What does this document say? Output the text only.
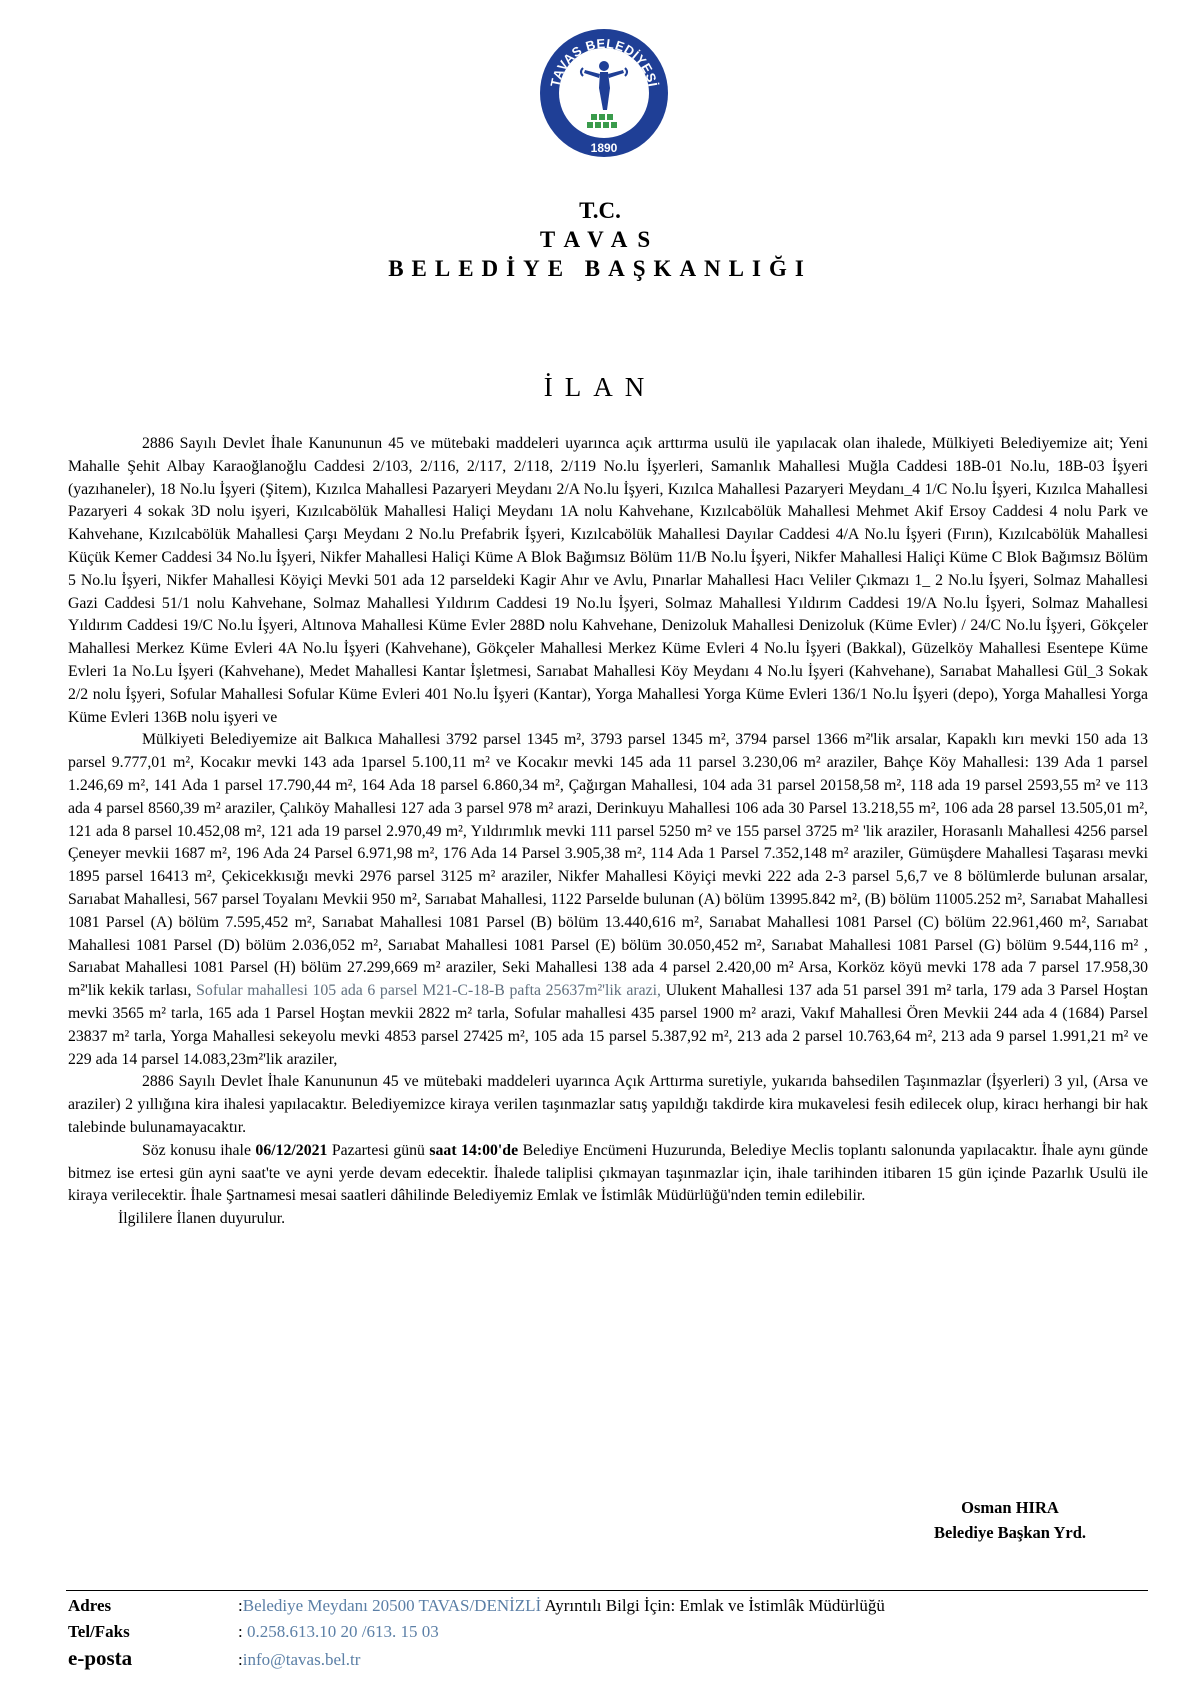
TAVAŞ BELEDİYESİ
1890
T.C.
TAVAS
BELEDİYE BAŞKANLIĞI
İLAN

2886 Sayılı Devlet İhale Kanununun 45 ve mütebaki maddeleri uyarınca açık arttırma usulü ile yapılacak olan ihalede, Mülkiyeti Belediyemize ait; Yeni Mahalle Şehit Albay Karaoğlanoğlu Caddesi 2/103, 2/116, 2/117, 2/118, 2/119 No.lu İşyerleri, Samanlık Mahallesi Muğla Caddesi 18B-01 No.lu, 18B-03 İşyeri (yazıhaneler), 18 No.lu İşyeri (Şitem), Kızılca Mahallesi Pazaryeri Meydanı 2/A No.lu İşyeri, Kızılca Mahallesi Pazaryeri Meydanı_4 1/C No.lu İşyeri, Kızılca Mahallesi Pazaryeri 4 sokak 3D nolu işyeri, Kızılcabölük Mahallesi Haliçi Meydanı 1A nolu Kahvehane, Kızılcabölük Mahallesi Mehmet Akif Ersoy Caddesi 4 nolu Park ve Kahvehane, Kızılcabölük Mahallesi Çarşı Meydanı 2 No.lu Prefabrik İşyeri, Kızılcabölük Mahallesi Dayılar Caddesi 4/A No.lu İşyeri (Fırın), Kızılcabölük Mahallesi Küçük Kemer Caddesi 34 No.lu İşyeri, Nikfer Mahallesi Haliçi Küme A Blok Bağımsız Bölüm 11/B No.lu İşyeri, Nikfer Mahallesi Haliçi Küme C Blok Bağımsız Bölüm 5 No.lu İşyeri, Nikfer Mahallesi Köyiçi Mevki 501 ada 12 parseldeki Kagir Ahır ve Avlu, Pınarlar Mahallesi Hacı Veliler Çıkmazı 1_ 2 No.lu İşyeri, Solmaz Mahallesi Gazi Caddesi 51/1 nolu Kahvehane, Solmaz Mahallesi Yıldırım Caddesi 19 No.lu İşyeri, Solmaz Mahallesi Yıldırım Caddesi 19/A No.lu İşyeri, Solmaz Mahallesi Yıldırım Caddesi 19/C No.lu İşyeri, Altınova Mahallesi Küme Evler 288D nolu Kahvehane, Denizoluk Mahallesi Denizoluk (Küme Evler) / 24/C No.lu İşyeri, Gökçeler Mahallesi Merkez Küme Evleri 4A No.lu İşyeri (Kahvehane), Gökçeler Mahallesi Merkez Küme Evleri 4 No.lu İşyeri (Bakkal), Güzelköy Mahallesi Esentepe Küme Evleri 1a No.Lu İşyeri (Kahvehane), Medet Mahallesi Kantar İşletmesi, Sarıabat Mahallesi Köy Meydanı 4 No.lu İşyeri (Kahvehane), Sarıabat Mahallesi Gül_3 Sokak 2/2 nolu İşyeri, Sofular Mahallesi Sofular Küme Evleri 401 No.lu İşyeri (Kantar), Yorga Mahallesi Yorga Küme Evleri 136/1 No.lu İşyeri (depo), Yorga Mahallesi Yorga Küme Evleri 136B nolu işyeri ve

Mülkiyeti Belediyemize ait Balkıca Mahallesi 3792 parsel 1345 m², 3793 parsel 1345 m², 3794 parsel 1366 m²'lik arsalar, Kapaklı kırı mevki 150 ada 13 parsel 9.777,01 m², Kocakır mevki 143 ada 1parsel 5.100,11 m² ve Kocakır mevki 145 ada 11 parsel 3.230,06 m² araziler, Bahçe Köy Mahallesi: 139 Ada 1 parsel 1.246,69 m², 141 Ada 1 parsel 17.790,44 m², 164 Ada 18 parsel 6.860,34 m², Çağırgan Mahallesi, 104 ada 31 parsel 20158,58 m², 118 ada 19 parsel 2593,55 m² ve 113 ada 4 parsel 8560,39 m² araziler, Çalıköy Mahallesi 127 ada 3 parsel 978 m² arazi, Derinkuyu Mahallesi 106 ada 30 Parsel 13.218,55 m², 106 ada 28 parsel 13.505,01 m², 121 ada 8 parsel 10.452,08 m², 121 ada 19 parsel 2.970,49 m², Yıldırımlık mevki 111 parsel 5250 m² ve 155 parsel 3725 m² 'lik araziler, Horasanlı Mahallesi 4256 parsel Çeneyer mevkii 1687 m², 196 Ada 24 Parsel 6.971,98 m², 176 Ada 14 Parsel 3.905,38 m², 114 Ada 1 Parsel 7.352,148 m² araziler, Gümüşdere Mahallesi Taşarası mevki 1895 parsel 16413 m², Çekicekkısığı mevki 2976 parsel 3125 m² araziler, Nikfer Mahallesi Köyiçi mevki 222 ada 2-3 parsel 5,6,7 ve 8 bölümlerde bulunan arsalar, Sarıabat Mahallesi, 567 parsel Toyalanı Mevkii 950 m², Sarıabat Mahallesi, 1122 Parselde bulunan (A) bölüm 13995.842 m², (B) bölüm 11005.252 m², Sarıabat Mahallesi 1081 Parsel (A) bölüm 7.595,452 m², Sarıabat Mahallesi 1081 Parsel (B) bölüm 13.440,616 m², Sarıabat Mahallesi 1081 Parsel (C) bölüm 22.961,460 m², Sarıabat Mahallesi 1081 Parsel (D) bölüm 2.036,052 m², Sarıabat Mahallesi 1081 Parsel (E) bölüm 30.050,452 m², Sarıabat Mahallesi 1081 Parsel (G) bölüm 9.544,116 m² , Sarıabat Mahallesi 1081 Parsel (H) bölüm 27.299,669 m² araziler, Seki Mahallesi 138 ada 4 parsel 2.420,00 m² Arsa, Korköz köyü mevki 178 ada 7 parsel 17.958,30 m²'lik kekik tarlası, Sofular mahallesi 105 ada 6 parsel M21-C-18-B pafta 25637m²'lik arazi, Ulukent Mahallesi 137 ada 51 parsel 391 m² tarla, 179 ada 3 Parsel Hoştan mevki 3565 m² tarla, 165 ada 1 Parsel Hoştan mevkii 2822 m² tarla, Sofular mahallesi 435 parsel 1900 m² arazi, Vakıf Mahallesi Ören Mevkii 244 ada 4 (1684) Parsel 23837 m² tarla, Yorga Mahallesi sekeyolu mevki 4853 parsel 27425 m², 105 ada 15 parsel 5.387,92 m², 213 ada 2 parsel 10.763,64 m², 213 ada 9 parsel 1.991,21 m² ve 229 ada 14 parsel 14.083,23m²'lik araziler,

2886 Sayılı Devlet İhale Kanununun 45 ve mütebaki maddeleri uyarınca Açık Arttırma suretiyle, yukarıda bahsedilen Taşınmazlar (İşyerleri) 3 yıl, (Arsa ve araziler) 2 yıllığına kira ihalesi yapılacaktır. Belediyemizce kiraya verilen taşınmazlar satış yapıldığı takdirde kira mukavelesi fesih edilecek olup, kiracı herhangi bir hak talebinde bulunamayacaktır.

Söz konusu ihale 06/12/2021 Pazartesi günü saat 14:00'de Belediye Encümeni Huzurunda, Belediye Meclis toplantı salonunda yapılacaktır. İhale aynı günde bitmez ise ertesi gün ayni saat'te ve ayni yerde devam edecektir. İhalede taliplisi çıkmayan taşınmazlar için, ihale tarihinden itibaren 15 gün içinde Pazarlık Usulü ile kiraya verilecektir. İhale Şartnamesi mesai saatleri dâhilinde Belediyemiz Emlak ve İstimlâk Müdürlüğü'nden temin edilebilir.

İlgililere İlanen duyurulur.

Osman HIRA
Belediye Başkan Yrd.
Adres	:Belediye Meydanı 20500 TAVAS/DENİZLİ Ayrıntılı Bilgi İçin: Emlak ve İstimlâk Müdürlüğü
Tel/Faks	: 0.258.613.10 20 /613. 15 03
e-posta	:info@tavas.bel.tr
